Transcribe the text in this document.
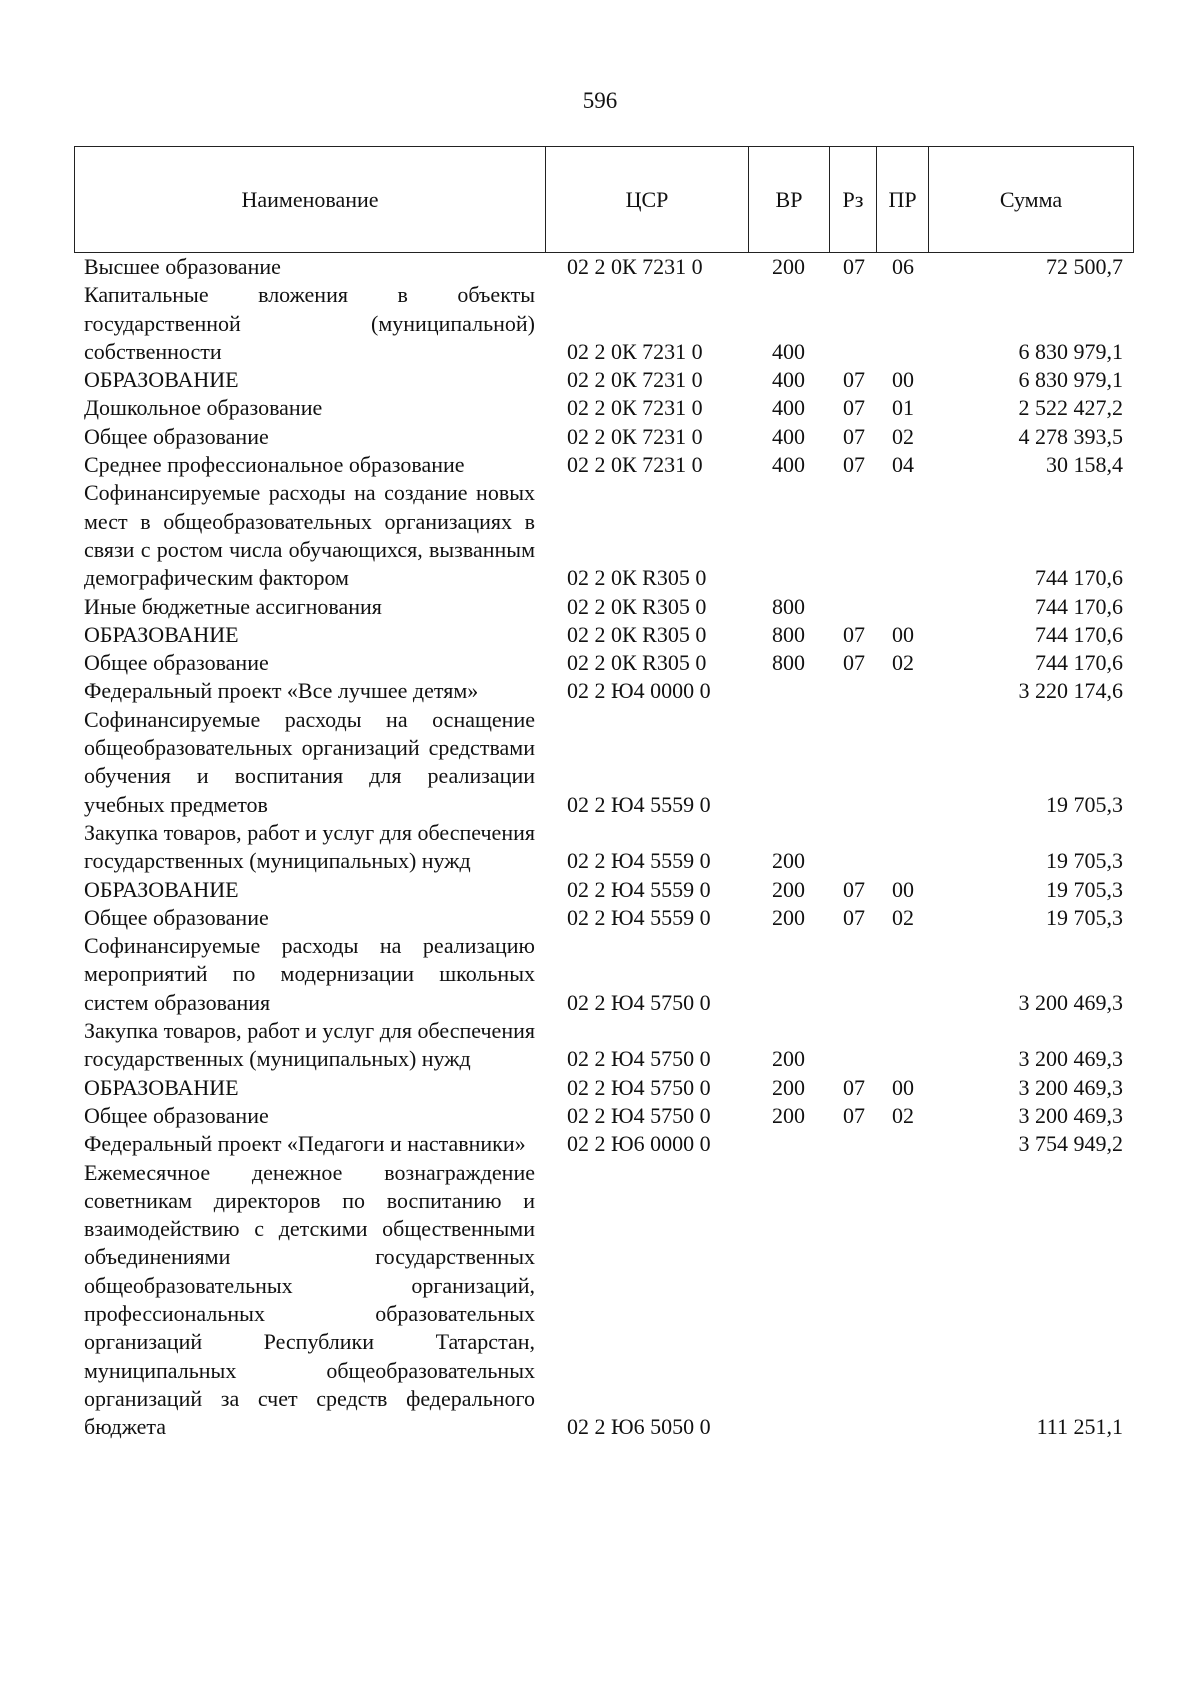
596
Наименование	ЦСР	ВР	Рз	ПР	Сумма
Высшее образование	02 2 0К 7231 0	200	07	06	72 500,7
Капитальные вложения в объекты государственной (муниципальной) собственности	02 2 0К 7231 0	400			6 830 979,1
ОБРАЗОВАНИЕ	02 2 0К 7231 0	400	07	00	6 830 979,1
Дошкольное образование	02 2 0К 7231 0	400	07	01	2 522 427,2
Общее образование	02 2 0К 7231 0	400	07	02	4 278 393,5
Среднее профессиональное образование	02 2 0К 7231 0	400	07	04	30 158,4
Софинансируемые расходы на создание новых мест в общеобразовательных организациях в связи с ростом числа обучающихся, вызванным демографическим фактором	02 2 0К R305 0				744 170,6
Иные бюджетные ассигнования	02 2 0К R305 0	800			744 170,6
ОБРАЗОВАНИЕ	02 2 0К R305 0	800	07	00	744 170,6
Общее образование	02 2 0К R305 0	800	07	02	744 170,6
Федеральный проект «Все лучшее детям»	02 2 Ю4 0000 0				3 220 174,6
Софинансируемые расходы на оснащение общеобразовательных организаций средствами обучения и воспитания для реализации учебных предметов	02 2 Ю4 5559 0				19 705,3
Закупка товаров, работ и услуг для обеспечения государственных (муниципальных) нужд	02 2 Ю4 5559 0	200			19 705,3
ОБРАЗОВАНИЕ	02 2 Ю4 5559 0	200	07	00	19 705,3
Общее образование	02 2 Ю4 5559 0	200	07	02	19 705,3
Софинансируемые расходы на реализацию мероприятий по модернизации школьных систем образования	02 2 Ю4 5750 0				3 200 469,3
Закупка товаров, работ и услуг для обеспечения государственных (муниципальных) нужд	02 2 Ю4 5750 0	200			3 200 469,3
ОБРАЗОВАНИЕ	02 2 Ю4 5750 0	200	07	00	3 200 469,3
Общее образование	02 2 Ю4 5750 0	200	07	02	3 200 469,3
Федеральный проект «Педагоги и наставники»	02 2 Ю6 0000 0				3 754 949,2
Ежемесячное денежное вознаграждение советникам директоров по воспитанию и взаимодействию с детскими общественными объединениями государственных общеобразовательных организаций, профессиональных образовательных организаций Республики Татарстан, муниципальных общеобразовательных организаций за счет средств федерального бюджета	02 2 Ю6 5050 0				111 251,1
